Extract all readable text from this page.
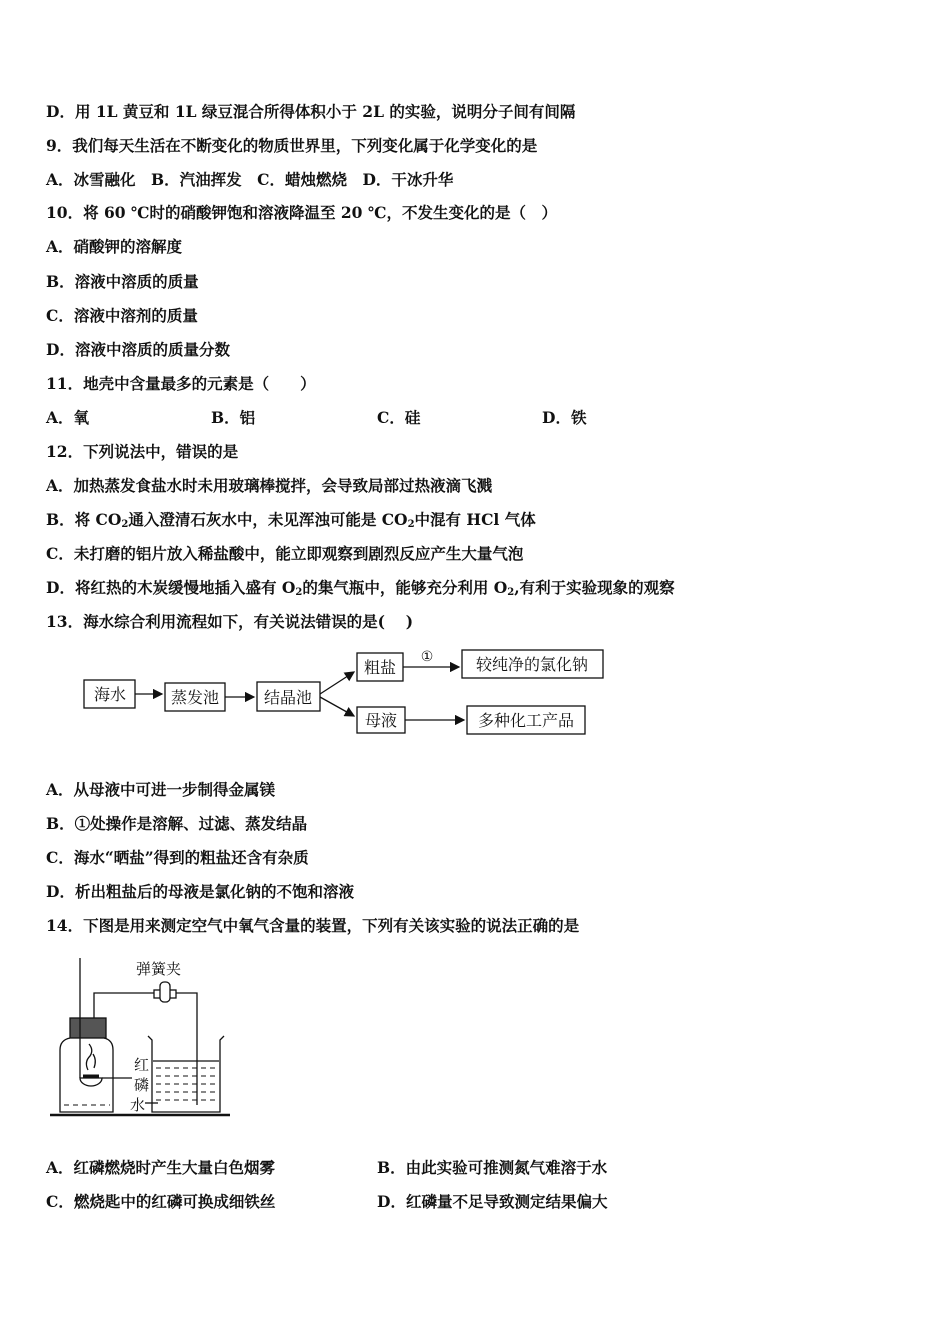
D．用 1L 黄豆和 1L 绿豆混合所得体积小于 2L 的实验，说明分子间有间隔
9．我们每天生活在不断变化的物质世界里，下列变化属于化学变化的是
A．冰雪融化　B．汽油挥发　C．蜡烛燃烧　D．干冰升华
10．将 60 ℃时的硝酸钾饱和溶液降温至 20 ℃，不发生变化的是（　）
A．硝酸钾的溶解度
B．溶液中溶质的质量
C．溶液中溶剂的质量
D．溶液中溶质的质量分数
11．地壳中含量最多的元素是（　　）
A．氧	B．铝	C．硅	D．铁
12．下列说法中，错误的是
A．加热蒸发食盐水时未用玻璃棒搅拌，会导致局部过热液滴飞溅
B．将 $CO_2$通入澄清石灰水中，未见浑浊可能是 $CO_2$中混有 HCl 气体
C．未打磨的铝片放入稀盐酸中，能立即观察到剧烈反应产生大量气泡
D．将红热的木炭缓慢地插入盛有 $O_2$的集气瓶中，能够充分利用 $O_2$,有利于实验现象的观察
13．海水综合利用流程如下，有关说法错误的是(　 )
海水	蒸发池	结晶池
粗盐
①	较纯净的氯化钠
母液	多种化工产品
A．从母液中可进一步制得金属镁
B．①处操作是溶解、过滤、蒸发结晶
C．海水“晒盐”得到的粗盐还含有杂质
D．析出粗盐后的母液是氯化钠的不饱和溶液
14．下图是用来测定空气中氧气含量的装置，下列有关该实验的说法正确的是
弹簧夹
红
磷
水
A．红磷燃烧时产生大量白色烟雾	B．由此实验可推测氮气难溶于水
C．燃烧匙中的红磷可换成细铁丝	D．红磷量不足导致测定结果偏大
